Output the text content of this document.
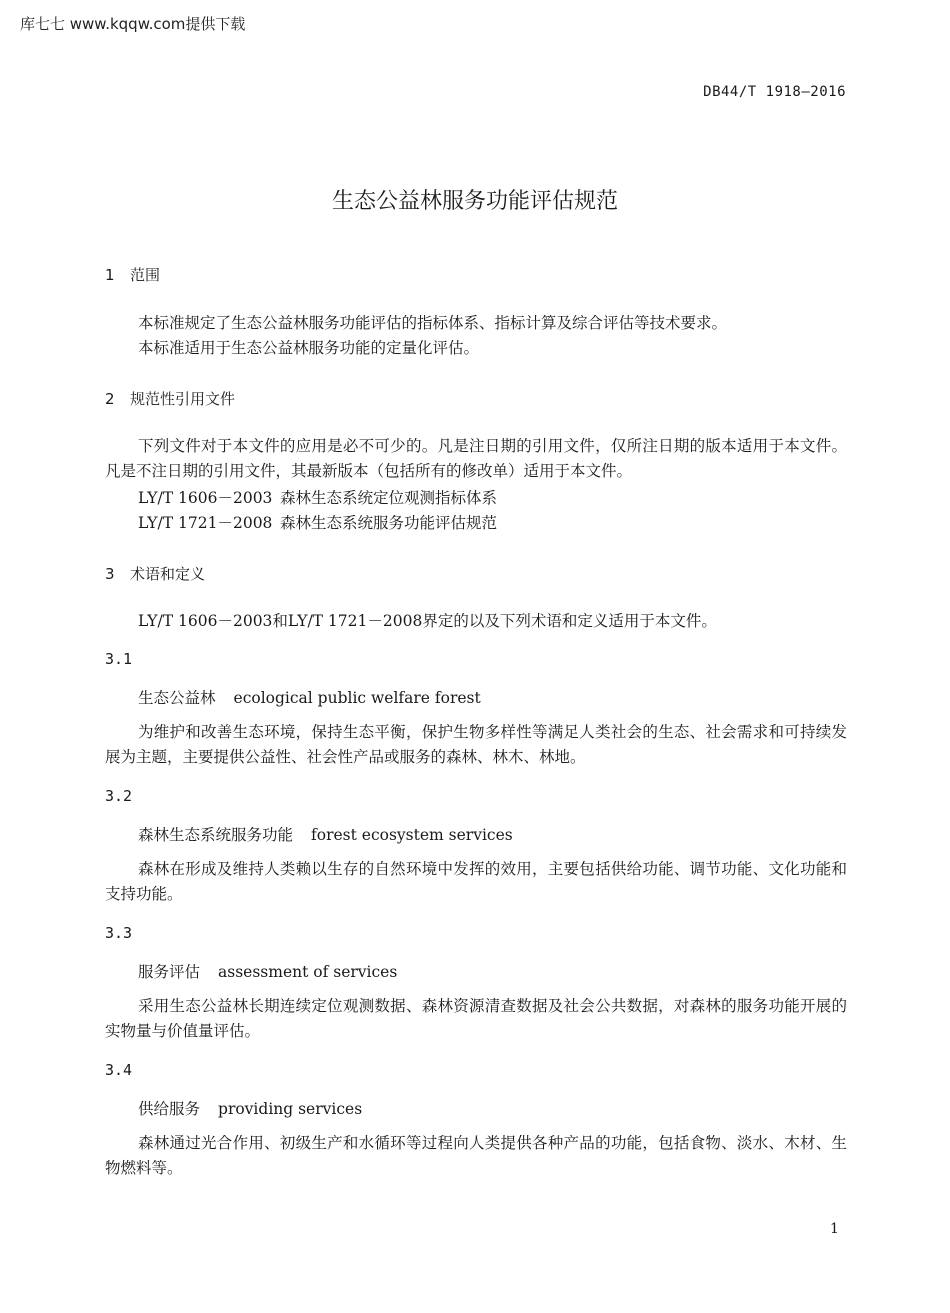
库七七 www.kqqw.com提供下载
DB44/T 1918—2016
生态公益林服务功能评估规范
1 范围
本标准规定了生态公益林服务功能评估的指标体系、指标计算及综合评估等技术要求。
本标准适用于生态公益林服务功能的定量化评估。
2 规范性引用文件
下列文件对于本文件的应用是必不可少的。凡是注日期的引用文件，仅所注日期的版本适用于本文件。凡是不注日期的引用文件，其最新版本（包括所有的修改单）适用于本文件。
LY/T 1606－2003 森林生态系统定位观测指标体系
LY/T 1721－2008 森林生态系统服务功能评估规范
3 术语和定义
LY/T 1606－2003和LY/T 1721－2008界定的以及下列术语和定义适用于本文件。
3.1
生态公益林 ecological public welfare forest
为维护和改善生态环境，保持生态平衡，保护生物多样性等满足人类社会的生态、社会需求和可持续发展为主题，主要提供公益性、社会性产品或服务的森林、林木、林地。
3.2
森林生态系统服务功能 forest ecosystem services
森林在形成及维持人类赖以生存的自然环境中发挥的效用，主要包括供给功能、调节功能、文化功能和支持功能。
3.3
服务评估 assessment of services
采用生态公益林长期连续定位观测数据、森林资源清查数据及社会公共数据，对森林的服务功能开展的实物量与价值量评估。
3.4
供给服务 providing services
森林通过光合作用、初级生产和水循环等过程向人类提供各种产品的功能，包括食物、淡水、木材、生物燃料等。
1
